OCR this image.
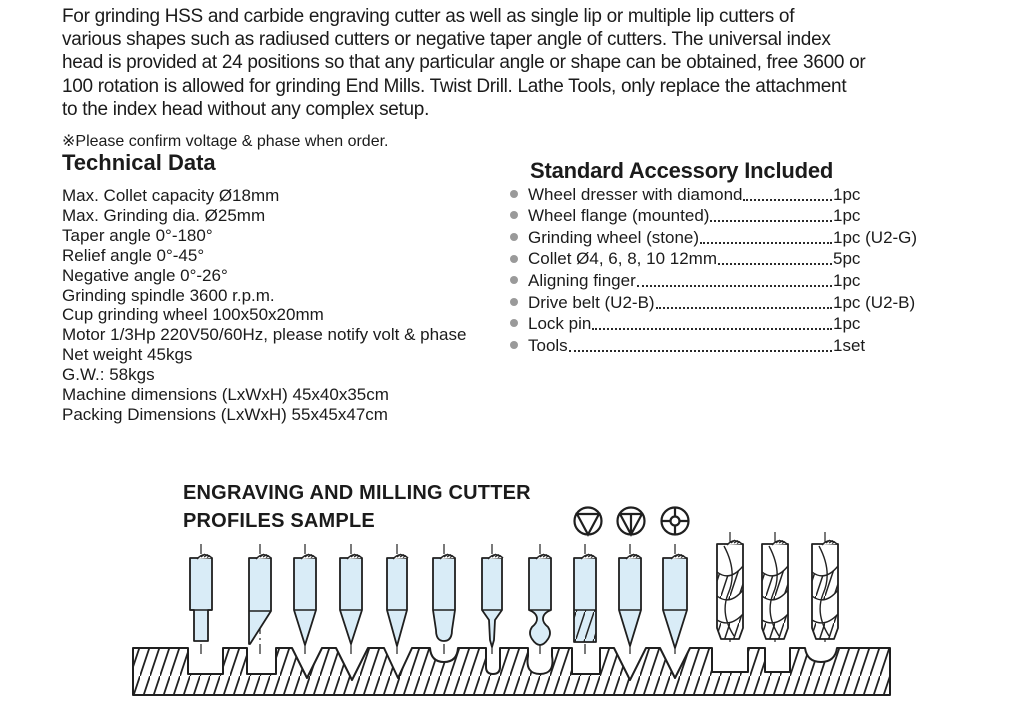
For grinding HSS and carbide engraving cutter as well as single lip or multiple lip cutters of
various shapes such as radiused cutters or negative taper angle of cutters. The universal index
head is provided at 24 positions so that any particular angle or shape can be obtained, free 3600 or
100 rotation is allowed for grinding End Mills. Twist Drill. Lathe Tools, only replace the attachment
to the index head without any complex setup.
※Please confirm voltage & phase when order.
Technical Data
Max. Collet capacity Ø18mm
Max. Grinding dia. Ø25mm
Taper angle 0°-180°
Relief angle 0°-45°
Negative angle 0°-26°
Grinding spindle 3600 r.p.m.
Cup grinding wheel 100x50x20mm
Motor 1/3Hp 220V50/60Hz, please notify volt & phase
Net weight 45kgs
G.W.: 58kgs
Machine dimensions (LxWxH) 45x40x35cm
Packing Dimensions (LxWxH) 55x45x47cm
Standard Accessory Included
Wheel dresser with diamond	1pc
Wheel flange (mounted)	1pc
Grinding wheel (stone)	1pc (U2-G)
Collet Ø4, 6, 8, 10 12mm	5pc
Aligning finger	1pc
Drive belt (U2-B)	1pc (U2-B)
Lock pin	1pc
Tools	1set
ENGRAVING AND MILLING CUTTER
PROFILES SAMPLE
